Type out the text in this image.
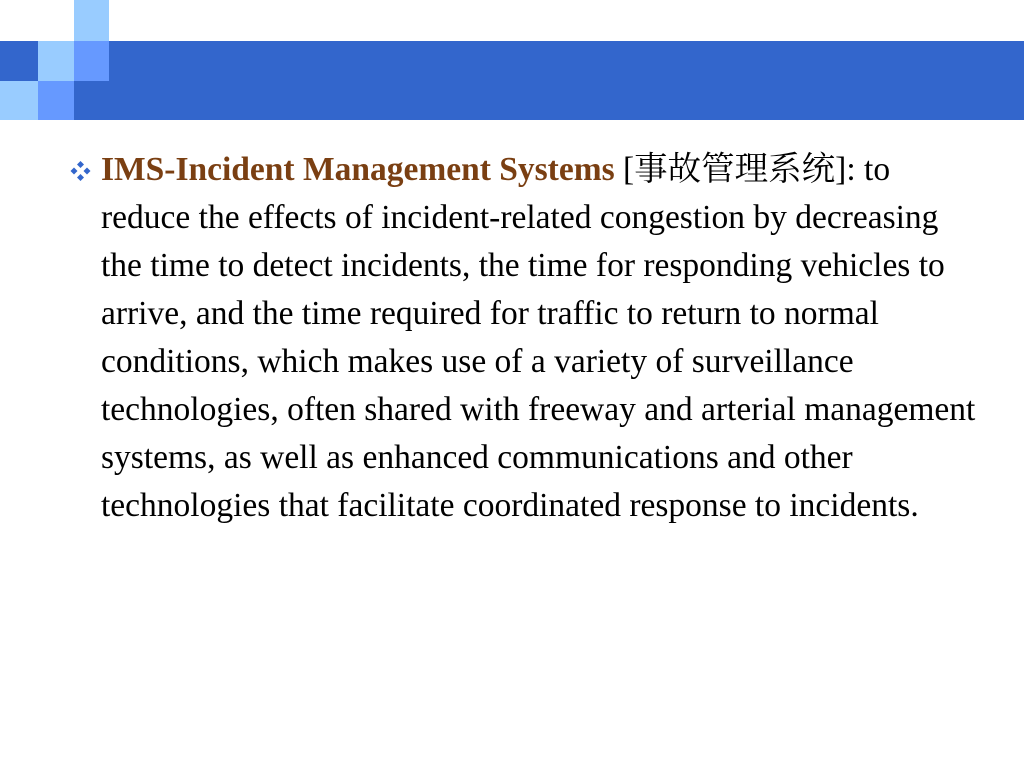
IMS-Incident Management Systems [事故管理系统]: to reduce the effects of incident-related congestion by decreasing the time to detect incidents, the time for responding vehicles to arrive, and the time required for traffic to return to normal conditions, which makes use of a variety of surveillance technologies, often shared with freeway and arterial management systems, as well as enhanced communications and other technologies that facilitate coordinated response to incidents.
